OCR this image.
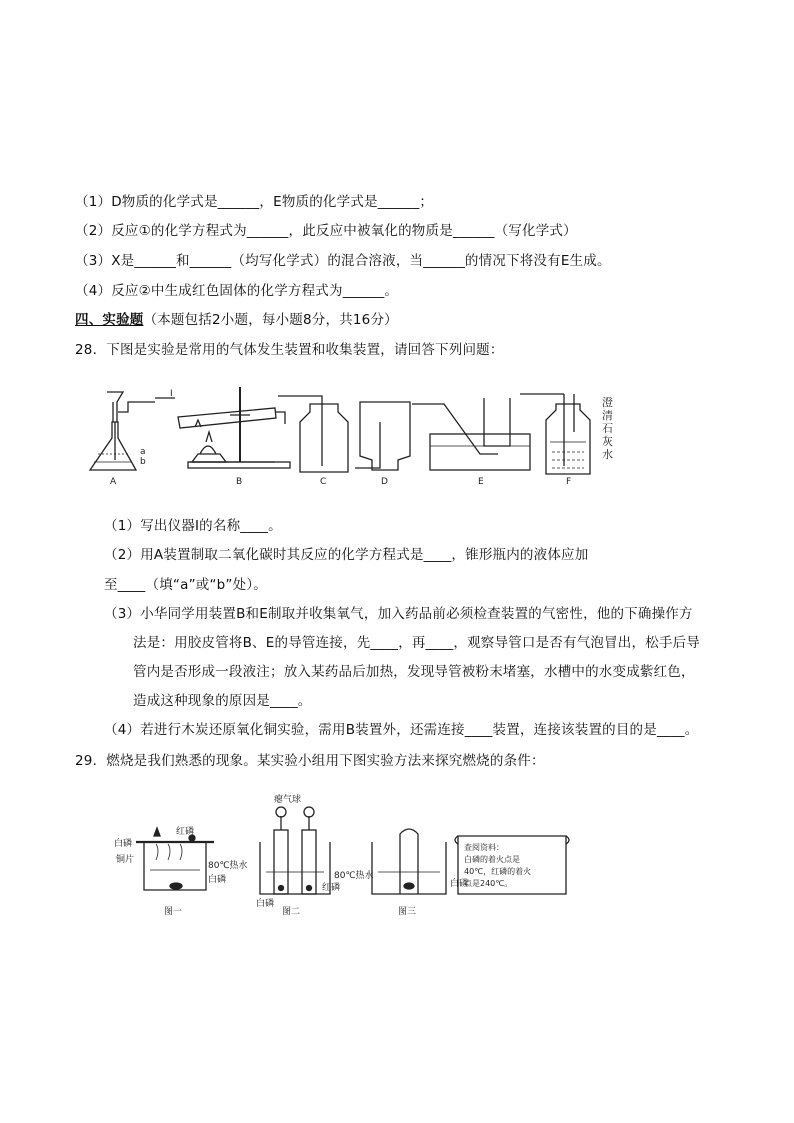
（1）D物质的化学式是______，E物质的化学式是______；
（2）反应①的化学方程式为______，此反应中被氧化的物质是______（写化学式）
（3）X是______和______（均写化学式）的混合溶液，当______的情况下将没有E生成。
（4）反应②中生成红色固体的化学方程式为______。
四、实验题（本题包括2小题，每小题8分，共16分）
28．下图是实验是常用的气体发生装置和收集装置，请回答下列问题：
A	B	C	D	E	F
I
a
b
澄
清
石
灰
水
（1）写出仪器I的名称____。
（2）用A装置制取二氧化碳时其反应的化学方程式是____，锥形瓶内的液体应加
至____（填“a”或“b”处）。
（3）小华同学用装置B和E制取并收集氧气，加入药品前必须检查装置的气密性，他的下确操作方
法是：用胶皮管将B、E的导管连接，先____，再____，观察导管口是否有气泡冒出，松手后导
管内是否形成一段液注；放入某药品后加热，发现导管被粉末堵塞，水槽中的水变成紫红色，
造成这种现象的原因是____。
（4）若进行木炭还原氧化铜实验，需用B装置外，还需连接____装置，连接该装置的目的是____。
29．燃烧是我们熟悉的现象。某实验小组用下图实验方法来探究燃烧的条件：
白磷
红磷
铜片
80℃热水
白磷
图一
瘪气球
80℃热水
红磷
白磷
图二
白磷
图三
查阅资料：
白磷的着火点是
40℃，红磷的着火
点是240℃。
